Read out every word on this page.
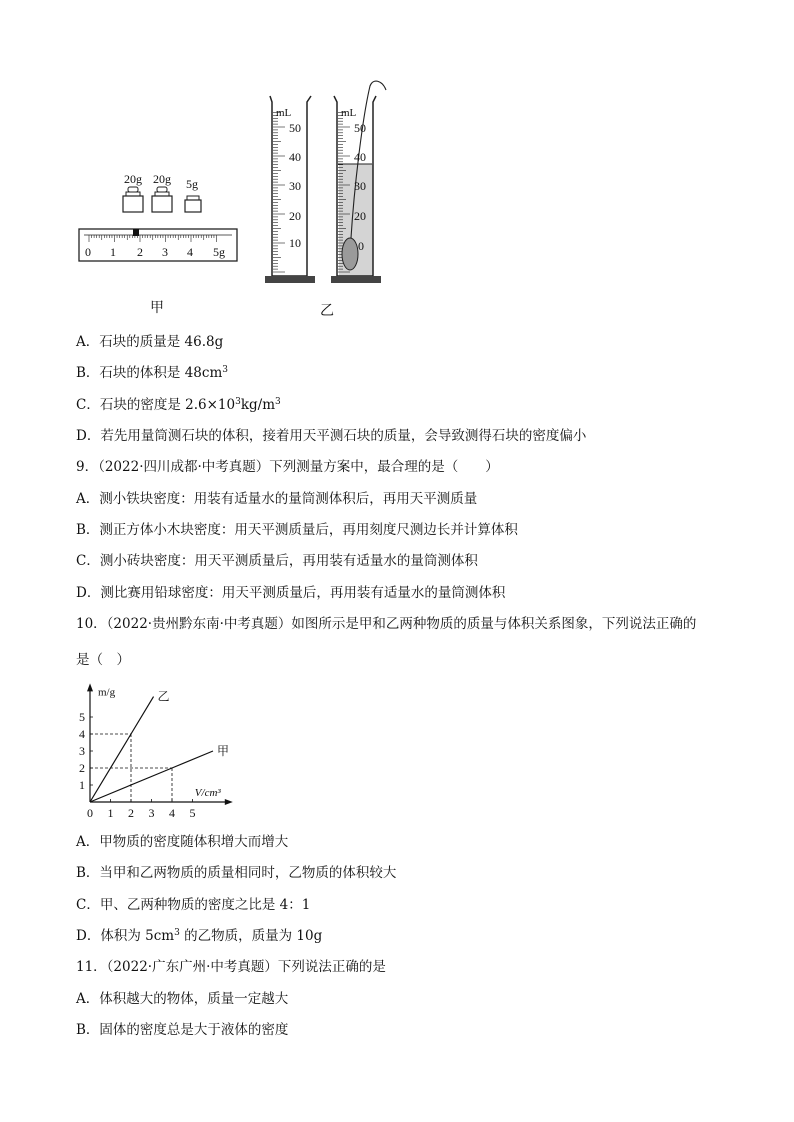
20g 20g 5g
0 1 2 3 4 5g
mL
50
40
30
20
10
mL
50
40
30
20
0
甲	乙
A．石块的质量是 46.8g
B．石块的体积是 $48cm^3$
C．石块的密度是 $2.6\times 10^3kg/m^3$
D．若先用量筒测石块的体积，接着用天平测石块的质量，会导致测得石块的密度偏小
9．（2022·四川成都·中考真题）下列测量方案中，最合理的是（　　）
A．测小铁块密度：用装有适量水的量筒测体积后，再用天平测质量
B．测正方体小木块密度：用天平测质量后，再用刻度尺测边长并计算体积
C．测小砖块密度：用天平测质量后，再用装有适量水的量筒测体积
D．测比赛用铅球密度：用天平测质量后，再用装有适量水的量筒测体积
10．（2022·贵州黔东南·中考真题）如图所示是甲和乙两种物质的质量与体积关系图象，下列说法正确的
是（　）
m/g
V/cm³
0 1 2 3 4 5
1
2
3
4
5
乙
甲
A．甲物质的密度随体积增大而增大
B．当甲和乙两物质的质量相同时，乙物质的体积较大
C．甲、乙两种物质的密度之比是 4：1
D．体积为 $5cm^3$ 的乙物质，质量为 10g
11．（2022·广东广州·中考真题）下列说法正确的是
A．体积越大的物体，质量一定越大
B．固体的密度总是大于液体的密度
